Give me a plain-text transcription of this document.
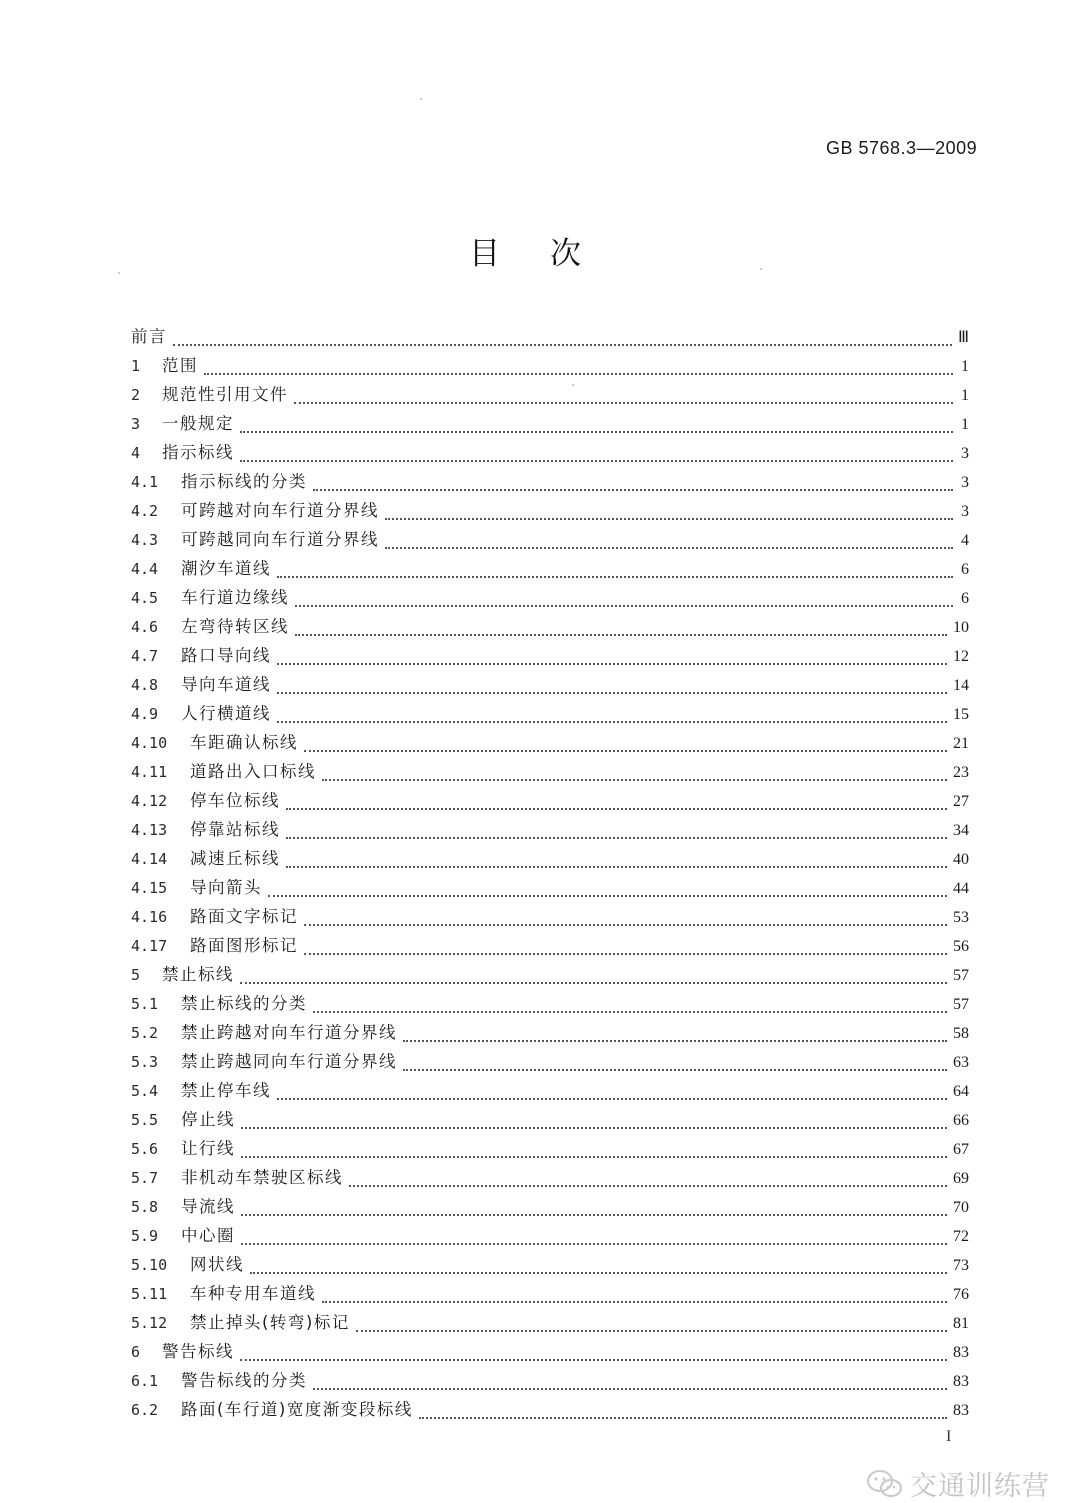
GB 5768.3—2009
目次
前言	Ⅲ
1	范围	1
2	规范性引用文件	1
3	一般规定	1
4	指示标线	3
4.1	指示标线的分类	3
4.2	可跨越对向车行道分界线	3
4.3	可跨越同向车行道分界线	4
4.4	潮汐车道线	6
4.5	车行道边缘线	6
4.6	左弯待转区线	10
4.7	路口导向线	12
4.8	导向车道线	14
4.9	人行横道线	15
4.10	车距确认标线	21
4.11	道路出入口标线	23
4.12	停车位标线	27
4.13	停靠站标线	34
4.14	减速丘标线	40
4.15	导向箭头	44
4.16	路面文字标记	53
4.17	路面图形标记	56
5	禁止标线	57
5.1	禁止标线的分类	57
5.2	禁止跨越对向车行道分界线	58
5.3	禁止跨越同向车行道分界线	63
5.4	禁止停车线	64
5.5	停止线	66
5.6	让行线	67
5.7	非机动车禁驶区标线	69
5.8	导流线	70
5.9	中心圈	72
5.10	网状线	73
5.11	车种专用车道线	76
5.12	禁止掉头(转弯)标记	81
6	警告标线	83
6.1	警告标线的分类	83
6.2	路面(车行道)宽度渐变段标线	83
I
交通训练营
